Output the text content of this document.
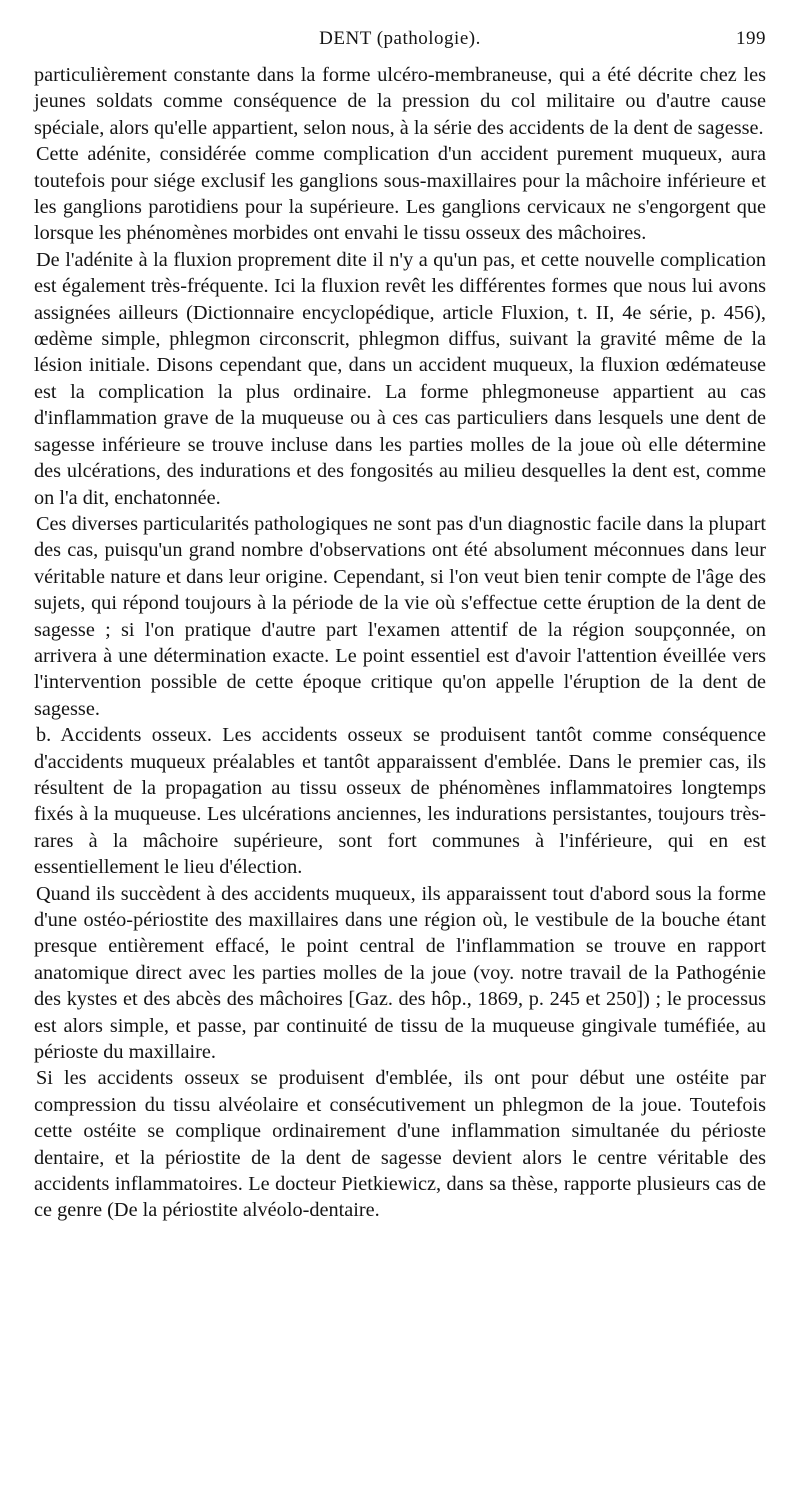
DENT (pathologie).	199

particulièrement constante dans la forme ulcéro-membraneuse, qui a été décrite chez les jeunes soldats comme conséquence de la pression du col militaire ou d'autre cause spéciale, alors qu'elle appartient, selon nous, à la série des accidents de la dent de sagesse.

Cette adénite, considérée comme complication d'un accident purement muqueux, aura toutefois pour siége exclusif les ganglions sous-maxillaires pour la mâchoire inférieure et les ganglions parotidiens pour la supérieure. Les ganglions cervicaux ne s'engorgent que lorsque les phénomènes morbides ont envahi le tissu osseux des mâchoires.

De l'adénite à la fluxion proprement dite il n'y a qu'un pas, et cette nouvelle complication est également très-fréquente. Ici la fluxion revêt les différentes formes que nous lui avons assignées ailleurs (Dictionnaire encyclopédique, article Fluxion, t. II, 4e série, p. 456), œdème simple, phlegmon circonscrit, phlegmon diffus, suivant la gravité même de la lésion initiale. Disons cependant que, dans un accident muqueux, la fluxion œdémateuse est la complication la plus ordinaire. La forme phlegmoneuse appartient au cas d'inflammation grave de la muqueuse ou à ces cas particuliers dans lesquels une dent de sagesse inférieure se trouve incluse dans les parties molles de la joue où elle détermine des ulcérations, des indurations et des fongosités au milieu desquelles la dent est, comme on l'a dit, enchatonnée.

Ces diverses particularités pathologiques ne sont pas d'un diagnostic facile dans la plupart des cas, puisqu'un grand nombre d'observations ont été absolument méconnues dans leur véritable nature et dans leur origine. Cependant, si l'on veut bien tenir compte de l'âge des sujets, qui répond toujours à la période de la vie où s'effectue cette éruption de la dent de sagesse ; si l'on pratique d'autre part l'examen attentif de la région soupçonnée, on arrivera à une détermination exacte. Le point essentiel est d'avoir l'attention éveillée vers l'intervention possible de cette époque critique qu'on appelle l'éruption de la dent de sagesse.

b. Accidents osseux. Les accidents osseux se produisent tantôt comme conséquence d'accidents muqueux préalables et tantôt apparaissent d'emblée. Dans le premier cas, ils résultent de la propagation au tissu osseux de phénomènes inflammatoires longtemps fixés à la muqueuse. Les ulcérations anciennes, les indurations persistantes, toujours très-rares à la mâchoire supérieure, sont fort communes à l'inférieure, qui en est essentiellement le lieu d'élection.

Quand ils succèdent à des accidents muqueux, ils apparaissent tout d'abord sous la forme d'une ostéo-périostite des maxillaires dans une région où, le vestibule de la bouche étant presque entièrement effacé, le point central de l'inflammation se trouve en rapport anatomique direct avec les parties molles de la joue (voy. notre travail de la Pathogénie des kystes et des abcès des mâchoires [Gaz. des hôp., 1869, p. 245 et 250]) ; le processus est alors simple, et passe, par continuité de tissu de la muqueuse gingivale tuméfiée, au périoste du maxillaire.

Si les accidents osseux se produisent d'emblée, ils ont pour début une ostéite par compression du tissu alvéolaire et consécutivement un phlegmon de la joue. Toutefois cette ostéite se complique ordinairement d'une inflammation simultanée du périoste dentaire, et la périostite de la dent de sagesse devient alors le centre véritable des accidents inflammatoires. Le docteur Pietkiewicz, dans sa thèse, rapporte plusieurs cas de ce genre (De la périostite alvéolo-dentaire.
